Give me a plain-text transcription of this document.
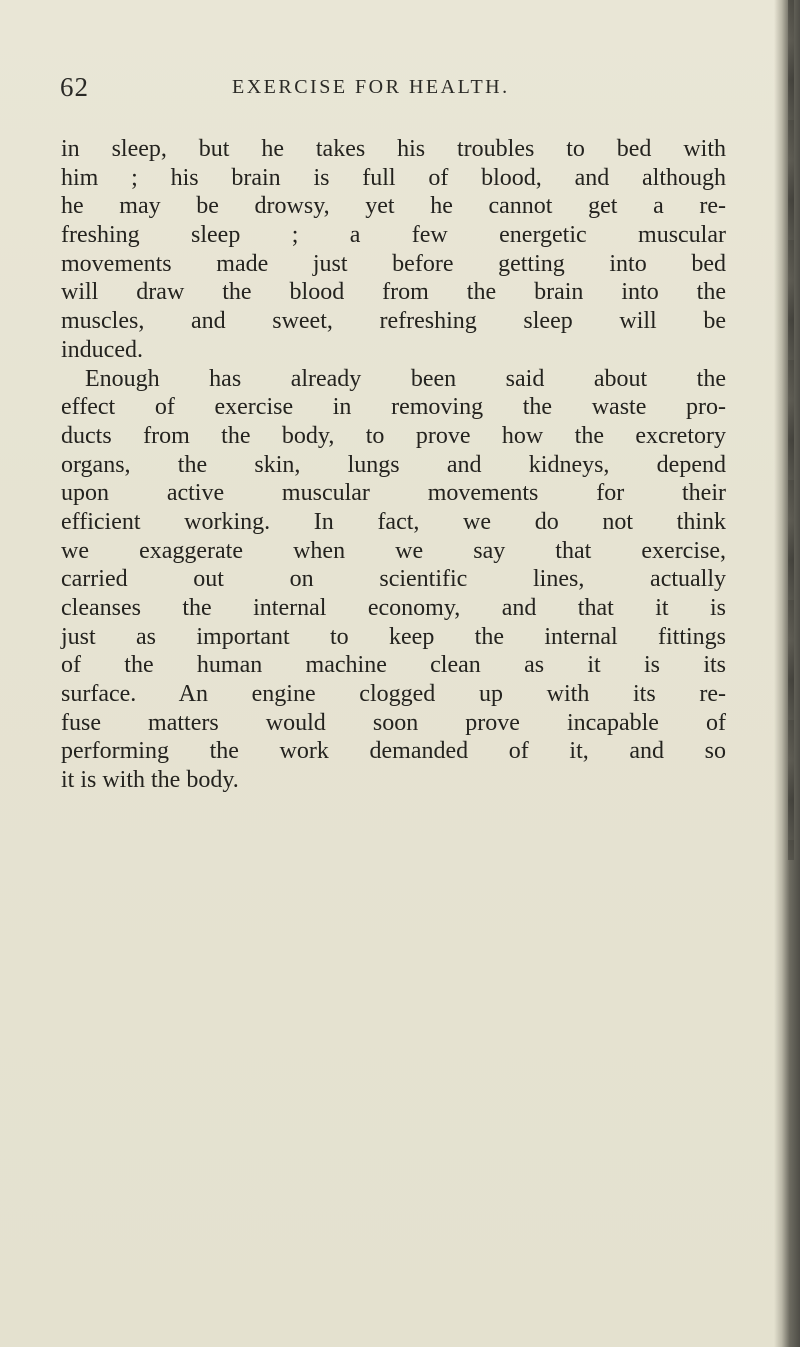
62	EXERCISE FOR HEALTH.
in sleep, but he takes his troubles to bed with
him ; his brain is full of blood, and although
he may be drowsy, yet he cannot get a re-
freshing sleep ; a few energetic muscular
movements made just before getting into bed
will draw the blood from the brain into the
muscles, and sweet, refreshing sleep will be
induced.
Enough has already been said about the
effect of exercise in removing the waste pro-
ducts from the body, to prove how the excretory
organs, the skin, lungs and kidneys, depend
upon active muscular movements for their
efficient working. In fact, we do not think
we exaggerate when we say that exercise,
carried out on scientific lines, actually
cleanses the internal economy, and that it is
just as important to keep the internal fittings
of the human machine clean as it is its
surface. An engine clogged up with its re-
fuse matters would soon prove incapable of
performing the work demanded of it, and so
it is with the body.
